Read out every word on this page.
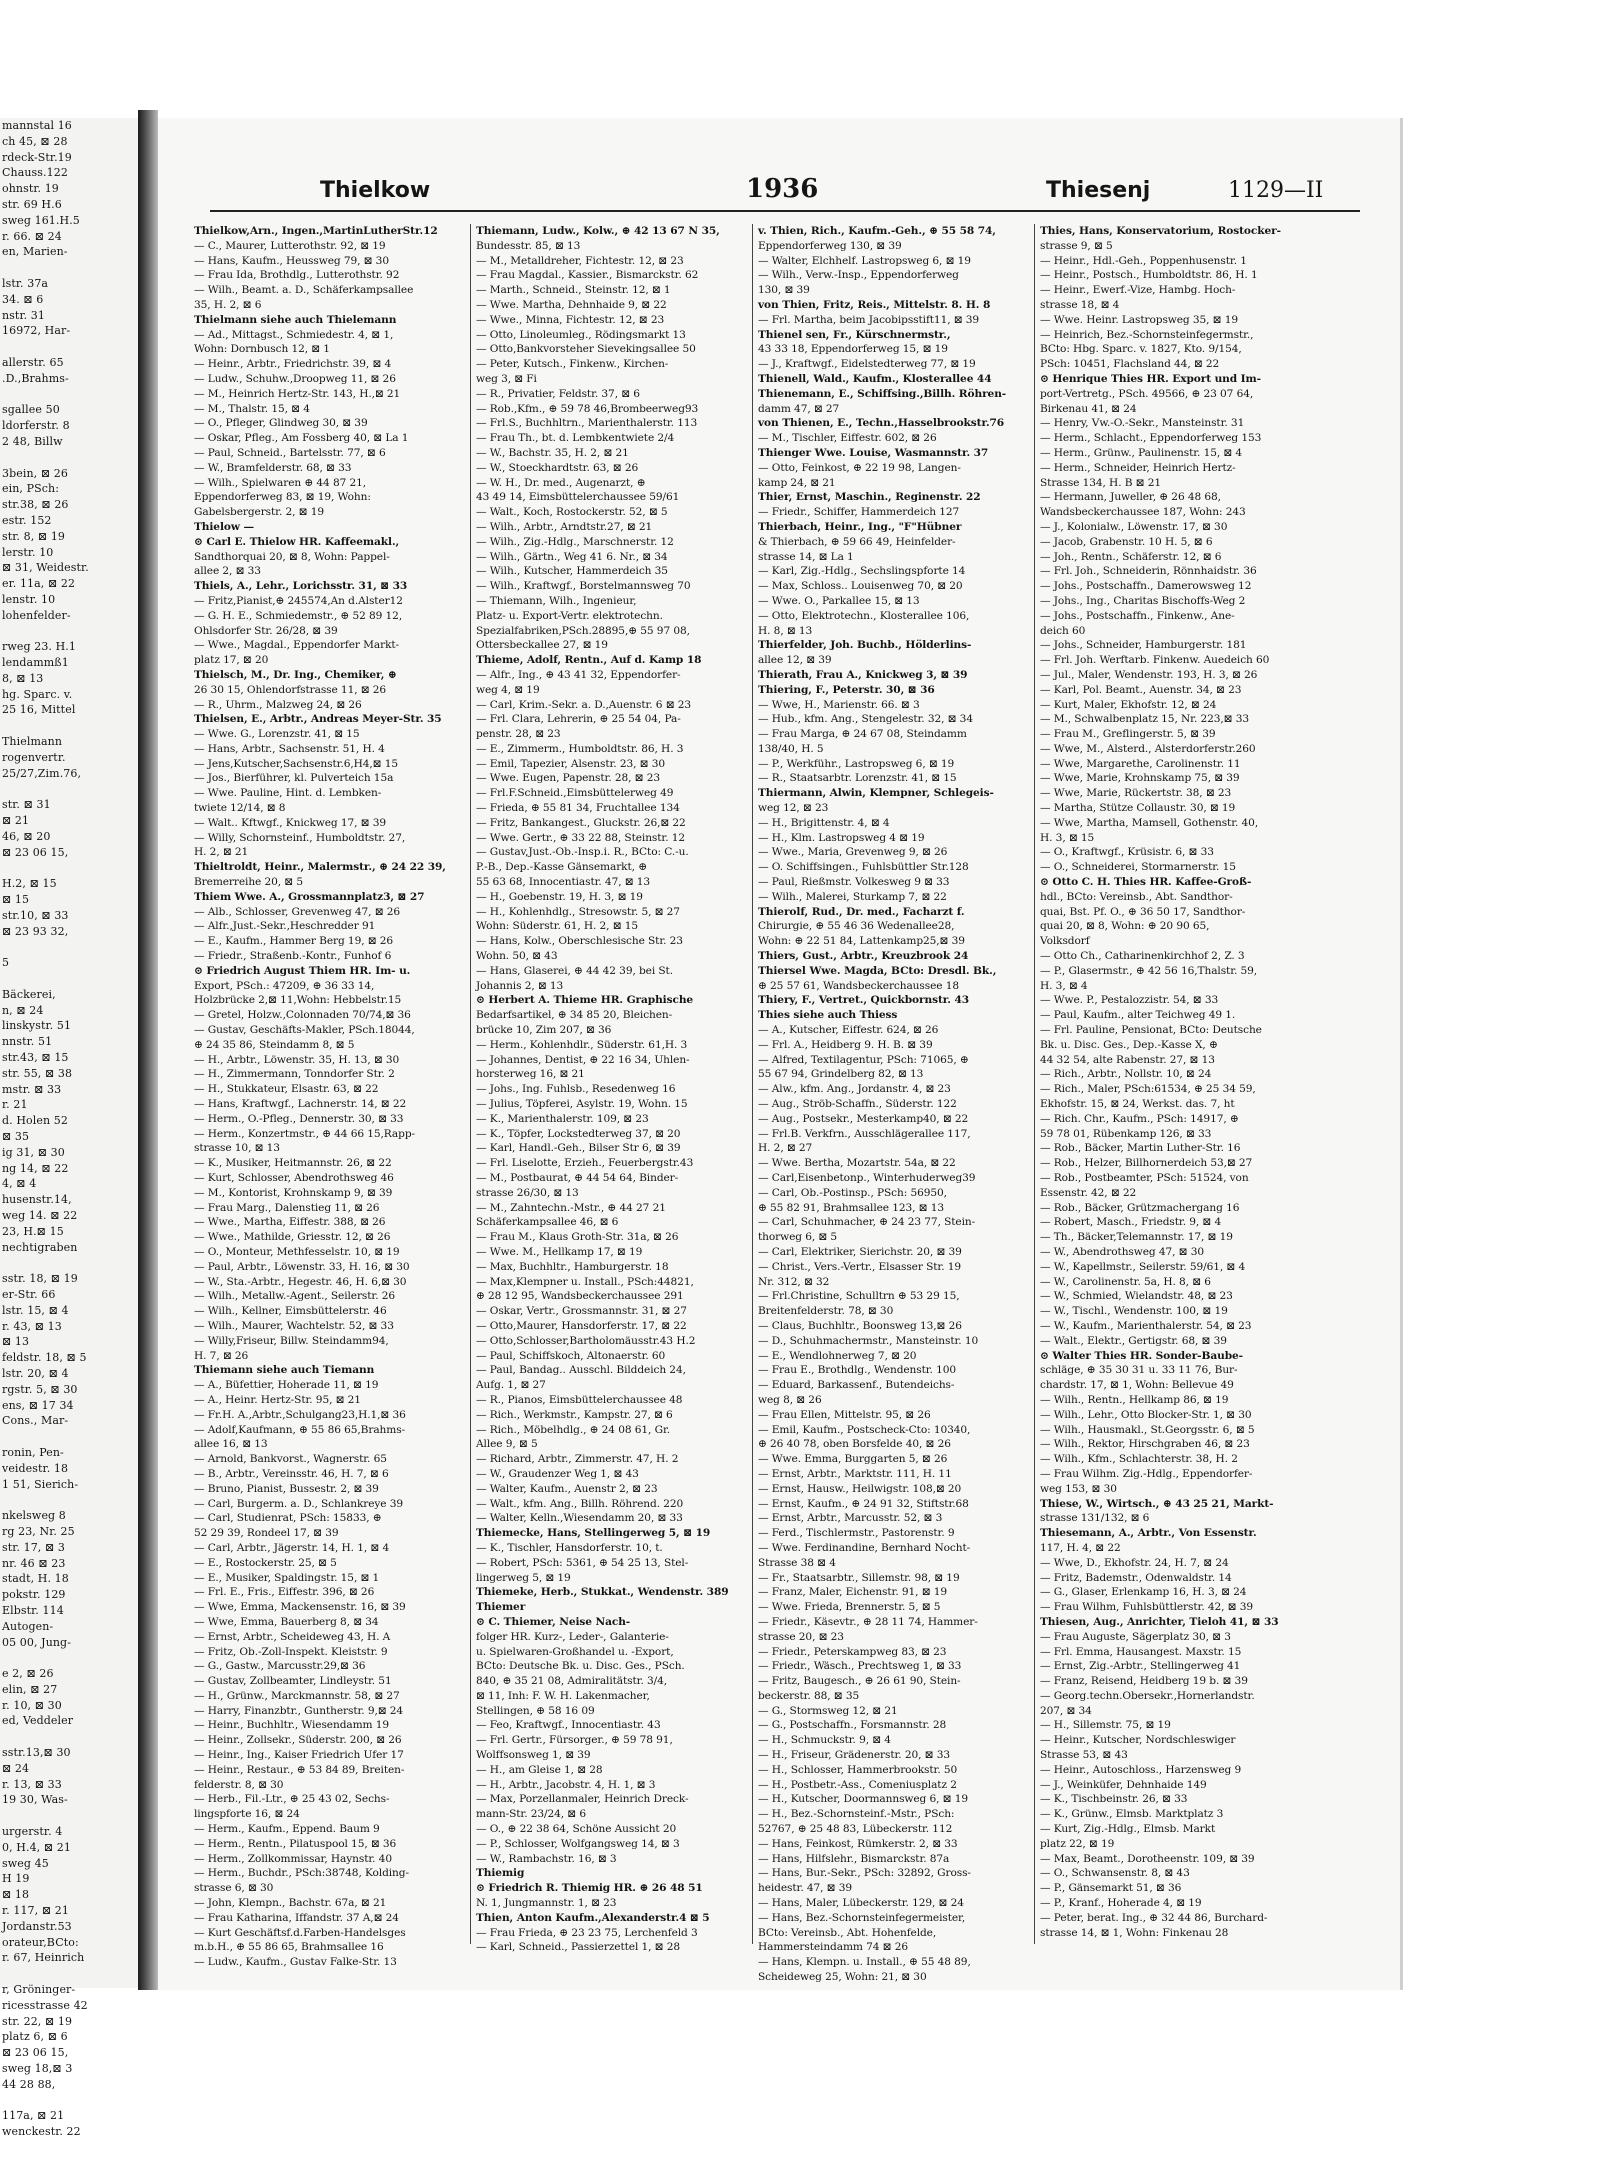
mannstal 16
ch 45, ⊠ 28
rdeck-Str.19
Chauss.122
ohnstr. 19
str. 69 H.6
sweg 161.H.5
r. 66. ⊠ 24
en, Marien-

lstr. 37a
34. ⊠ 6
nstr. 31
16972, Har-

allerstr. 65
.D.,Brahms-

sgallee 50
ldorferstr. 8
2 48, Billw

3bein, ⊠ 26
ein, PSch:
str.38, ⊠ 26
estr. 152
str. 8, ⊠ 19
lerstr. 10
⊠ 31, Weidestr.
er. 11a, ⊠ 22
lenstr. 10
lohenfelder-

rweg 23. H.1
lendammß1
8, ⊠ 13
hg. Sparc. v.
25 16, Mittel

Thielmann
rogenvertr.
25/27,Zim.76,

str. ⊠ 31
⊠ 21
46, ⊠ 20
⊠ 23 06 15,

H.2, ⊠ 15
⊠ 15
str.10, ⊠ 33
⊠ 23 93 32,

5

Bäckerei,
n, ⊠ 24
linskystr. 51
nnstr. 51
str.43, ⊠ 15
str. 55, ⊠ 38
mstr. ⊠ 33
r. 21
d. Holen 52
⊠ 35
ig 31, ⊠ 30
ng 14, ⊠ 22
4, ⊠ 4
husenstr.14,
weg 14. ⊠ 22
23, H.⊠ 15
nechtigraben

sstr. 18, ⊠ 19
er-Str. 66
lstr. 15, ⊠ 4
r. 43, ⊠ 13
⊠ 13
feldstr. 18, ⊠ 5
lstr. 20, ⊠ 4
rgstr. 5, ⊠ 30
ens, ⊠ 17 34
Cons., Mar-

ronin, Pen-
veidestr. 18
1 51, Sierich-

nkelsweg 8
rg 23, Nr. 25
str. 17, ⊠ 3
nr. 46 ⊠ 23
stadt, H. 18
pokstr. 129
Elbstr. 114
Autogen-
05 00, Jung-

e 2, ⊠ 26
elin, ⊠ 27
r. 10, ⊠ 30
ed, Veddeler

sstr.13,⊠ 30
⊠ 24
r. 13, ⊠ 33
19 30, Was-

urgerstr. 4
0, H.4, ⊠ 21
sweg 45
H 19
⊠ 18
r. 117, ⊠ 21
Jordanstr.53
orateur,BCto:
r. 67, Heinrich

r, Gröninger-
ricesstrasse 42
str. 22, ⊠ 19
platz 6, ⊠ 6
⊠ 23 06 15,
sweg 18,⊠ 3
44 28 88,

117a, ⊠ 21
wenckestr. 22
Thielkow	1936	Thiesenj	1129—II
Thielkow,Arn., Ingen.,MartinLutherStr.12
— C., Maurer, Lutterothstr. 92, ⊠ 19
— Hans, Kaufm., Heussweg 79, ⊠ 30
— Frau Ida, Brothdlg., Lutterothstr. 92
— Wilh., Beamt. a. D., Schäferkampsallee
35, H. 2, ⊠ 6
Thielmann siehe auch Thielemann
— Ad., Mittagst., Schmiedestr. 4, ⊠ 1,
Wohn: Dornbusch 12, ⊠ 1
— Heinr., Arbtr., Friedrichstr. 39, ⊠ 4
— Ludw., Schuhw.,Droopweg 11, ⊠ 26
— M., Heinrich Hertz-Str. 143, H.,⊠ 21
— M., Thalstr. 15, ⊠ 4
— O., Pfleger, Glindweg 30, ⊠ 39
— Oskar, Pfleg., Am Fossberg 40, ⊠ La 1
— Paul, Schneid., Bartelsstr. 77, ⊠ 6
— W., Bramfelderstr. 68, ⊠ 33
— Wilh., Spielwaren ⊕ 44 87 21,
Eppendorferweg 83, ⊠ 19, Wohn:
Gabelsbergerstr. 2, ⊠ 19
Thielow —
⊙ Carl E. Thielow HR. Kaffeemakl.,
Sandthorquai 20, ⊠ 8, Wohn: Pappel-
allee 2, ⊠ 33
Thiels, A., Lehr., Lorichsstr. 31, ⊠ 33
— Fritz,Pianist,⊕ 245574,An d.Alster12
— G. H. E., Schmiedemstr., ⊕ 52 89 12,
Ohlsdorfer Str. 26/28, ⊠ 39
— Wwe., Magdal., Eppendorfer Markt-
platz 17, ⊠ 20
Thielsch, M., Dr. Ing., Chemiker, ⊕
26 30 15, Ohlendorfstrasse 11, ⊠ 26
— R., Uhrm., Malzweg 24, ⊠ 26
Thielsen, E., Arbtr., Andreas Meyer-Str. 35
— Wwe. G., Lorenzstr. 41, ⊠ 15
— Hans, Arbtr., Sachsenstr. 51, H. 4
— Jens,Kutscher,Sachsenstr.6,H4,⊠ 15
— Jos., Bierführer, kl. Pulverteich 15a
— Wwe. Pauline, Hint. d. Lembken-
twiete 12/14, ⊠ 8
— Walt.. Kftwgf., Knickweg 17, ⊠ 39
— Willy, Schornsteinf., Humboldtstr. 27,
H. 2, ⊠ 21
Thieltroldt, Heinr., Malermstr., ⊕ 24 22 39,
Bremerreihe 20, ⊠ 5
Thiem Wwe. A., Grossmannplatz3, ⊠ 27
— Alb., Schlosser, Grevenweg 47, ⊠ 26
— Alfr.,Just.-Sekr.,Heschredder 91
— E., Kaufm., Hammer Berg 19, ⊠ 26
— Friedr., Straßenb.-Kontr., Funhof 6
⊙ Friedrich August Thiem HR. Im- u.
Export, PSch.: 47209, ⊕ 36 33 14,
Holzbrücke 2,⊠ 11,Wohn: Hebbelstr.15
— Gretel, Holzw.,Colonnaden 70/74,⊠ 36
— Gustav, Geschäfts-Makler, PSch.18044,
⊕ 24 35 86, Steindamm 8, ⊠ 5
— H., Arbtr., Löwenstr. 35, H. 13, ⊠ 30
— H., Zimmermann, Tonndorfer Str. 2
— H., Stukkateur, Elsastr. 63, ⊠ 22
— Hans, Kraftwgf., Lachnerstr. 14, ⊠ 22
— Herm., O.-Pfleg., Dennerstr. 30, ⊠ 33
— Herm., Konzertmstr., ⊕ 44 66 15,Rapp-
strasse 10, ⊠ 13
— K., Musiker, Heitmannstr. 26, ⊠ 22
— Kurt, Schlosser, Abendrothsweg 46
— M., Kontorist, Krohnskamp 9, ⊠ 39
— Frau Marg., Dalenstieg 11, ⊠ 26
— Wwe., Martha, Eiffestr. 388, ⊠ 26
— Wwe., Mathilde, Griesstr. 12, ⊠ 26
— O., Monteur, Methfesselstr. 10, ⊠ 19
— Paul, Arbtr., Löwenstr. 33, H. 16, ⊠ 30
— W., Sta.-Arbtr., Hegestr. 46, H. 6,⊠ 30
— Wilh., Metallw.-Agent., Seilerstr. 26
— Wilh., Kellner, Eimsbüttelerstr. 46
— Wilh., Maurer, Wachtelstr. 52, ⊠ 33
— Willy,Friseur, Billw. Steindamm94,
H. 7, ⊠ 26
Thiemann siehe auch Tiemann
— A., Büfettier, Hoherade 11, ⊠ 19
— A., Heinr. Hertz-Str. 95, ⊠ 21
— Fr.H. A.,Arbtr.,Schulgang23,H.1,⊠ 36
— Adolf,Kaufmann, ⊕ 55 86 65,Brahms-
allee 16, ⊠ 13
— Arnold, Bankvorst., Wagnerstr. 65
— B., Arbtr., Vereinsstr. 46, H. 7, ⊠ 6
— Bruno, Pianist, Bussestr. 2, ⊠ 39
— Carl, Burgerm. a. D., Schlankreye 39
— Carl, Studienrat, PSch: 15833, ⊕
52 29 39, Rondeel 17, ⊠ 39
— Carl, Arbtr., Jägerstr. 14, H. 1, ⊠ 4
— E., Rostockerstr. 25, ⊠ 5
— E., Musiker, Spaldingstr. 15, ⊠ 1
— Frl. E., Fris., Eiffestr. 396, ⊠ 26
— Wwe, Emma, Mackensenstr. 16, ⊠ 39
— Wwe, Emma, Bauerberg 8, ⊠ 34
— Ernst, Arbtr., Scheideweg 43, H. A
— Fritz, Ob.-Zoll-Inspekt. Kleiststr. 9
— G., Gastw., Marcusstr.29,⊠ 36
— Gustav, Zollbeamter, Lindleystr. 51
— H., Grünw., Marckmannstr. 58, ⊠ 27
— Harry, Finanzbtr., Guntherstr. 9,⊠ 24
— Heinr., Buchhltr., Wiesendamm 19
— Heinr., Zollsekr., Süderstr. 200, ⊠ 26
— Heinr., Ing., Kaiser Friedrich Ufer 17
— Heinr., Restaur., ⊕ 53 84 89, Breiten-
felderstr. 8, ⊠ 30
— Herb., Fil.-Ltr., ⊕ 25 43 02, Sechs-
lingspforte 16, ⊠ 24
— Herm., Kaufm., Eppend. Baum 9
— Herm., Rentn., Pilatuspool 15, ⊠ 36
— Herm., Zollkommissar, Haynstr. 40
— Herm., Buchdr., PSch:38748, Kolding-
strasse 6, ⊠ 30
— John, Klempn., Bachstr. 67a, ⊠ 21
— Frau Katharina, Iffandstr. 37 A,⊠ 24
— Kurt Geschäftsf.d.Farben-Handelsges
m.b.H., ⊕ 55 86 65, Brahmsallee 16
— Ludw., Kaufm., Gustav Falke-Str. 13
Thiemann, Ludw., Kolw., ⊕ 42 13 67 N 35,
Bundesstr. 85, ⊠ 13
— M., Metalldreher, Fichtestr. 12, ⊠ 23
— Frau Magdal., Kassier., Bismarckstr. 62
— Marth., Schneid., Steinstr. 12, ⊠ 1
— Wwe. Martha, Dehnhaide 9, ⊠ 22
— Wwe., Minna, Fichtestr. 12, ⊠ 23
— Otto, Linoleumleg., Rödingsmarkt 13
— Otto,Bankvorsteher Sievekingsallee 50
— Peter, Kutsch., Finkenw., Kirchen-
weg 3, ⊠ Fi
— R., Privatier, Feldstr. 37, ⊠ 6
— Rob.,Kfm., ⊕ 59 78 46,Brombeerweg93
— Frl.S., Buchhltrn., Marienthalerstr. 113
— Frau Th., bt. d. Lembkentwiete 2/4
— W., Bachstr. 35, H. 2, ⊠ 21
— W., Stoeckhardtstr. 63, ⊠ 26
— W. H., Dr. med., Augenarzt, ⊕
43 49 14, Eimsbüttelerchaussee 59/61
— Walt., Koch, Rostockerstr. 52, ⊠ 5
— Wilh., Arbtr., Arndtstr.27, ⊠ 21
— Wilh., Zig.-Hdlg., Marschnerstr. 12
— Wilh., Gärtn., Weg 41 6. Nr., ⊠ 34
— Wilh., Kutscher, Hammerdeich 35
— Wilh., Kraftwgf., Borstelmannsweg 70
— Thiemann, Wilh., Ingenieur,
Platz- u. Export-Vertr. elektrotechn.
Spezialfabriken,PSch.28895,⊕ 55 97 08,
Ottersbeckallee 27, ⊠ 19
Thieme, Adolf, Rentn., Auf d. Kamp 18
— Alfr., Ing., ⊕ 43 41 32, Eppendorfer-
weg 4, ⊠ 19
— Carl, Krim.-Sekr. a. D.,Auenstr. 6 ⊠ 23
— Frl. Clara, Lehrerin, ⊕ 25 54 04, Pa-
penstr. 28, ⊠ 23
— E., Zimmerm., Humboldtstr. 86, H. 3
— Emil, Tapezier, Alsenstr. 23, ⊠ 30
— Wwe. Eugen, Papenstr. 28, ⊠ 23
— Frl.F.Schneid.,Eimsbüttelerweg 49
— Frieda, ⊕ 55 81 34, Fruchtallee 134
— Fritz, Bankangest., Gluckstr. 26,⊠ 22
— Wwe. Gertr., ⊕ 33 22 88, Steinstr. 12
— Gustav,Just.-Ob.-Insp.i. R., BCto: C.-u.
P.-B., Dep.-Kasse Gänsemarkt, ⊕
55 63 68, Innocentiastr. 47, ⊠ 13
— H., Goebenstr. 19, H. 3, ⊠ 19
— H., Kohlenhdlg., Stresowstr. 5, ⊠ 27
Wohn: Süderstr. 61, H. 2, ⊠ 15
— Hans, Kolw., Oberschlesische Str. 23
Wohn. 50, ⊠ 43
— Hans, Glaserei, ⊕ 44 42 39, bei St.
Johannis 2, ⊠ 13
⊙ Herbert A. Thieme HR. Graphische
Bedarfsartikel, ⊕ 34 85 20, Bleichen-
brücke 10, Zim 207, ⊠ 36
— Herm., Kohlenhdlr., Süderstr. 61,H. 3
— Johannes, Dentist, ⊕ 22 16 34, Uhlen-
horsterweg 16, ⊠ 21
— Johs., Ing. Fuhlsb., Resedenweg 16
— Julius, Töpferei, Asylstr. 19, Wohn. 15
— K., Marienthalerstr. 109, ⊠ 23
— K., Töpfer, Lockstedterweg 37, ⊠ 20
— Karl, Handl.-Geh., Bilser Str 6, ⊠ 39
— Frl. Liselotte, Erzieh., Feuerbergstr.43
— M., Postbaurat, ⊕ 44 54 64, Binder-
strasse 26/30, ⊠ 13
— M., Zahntechn.-Mstr., ⊕ 44 27 21
Schäferkampsallee 46, ⊠ 6
— Frau M., Klaus Groth-Str. 31a, ⊠ 26
— Wwe. M., Hellkamp 17, ⊠ 19
— Max, Buchhltr., Hamburgerstr. 18
— Max,Klempner u. Install., PSch:44821,
⊕ 28 12 95, Wandsbeckerchaussee 291
— Oskar, Vertr., Grossmannstr. 31, ⊠ 27
— Otto,Maurer, Hansdorferstr. 17, ⊠ 22
— Otto,Schlosser,Bartholomäusstr.43 H.2
— Paul, Schiffskoch, Altonaerstr. 60
— Paul, Bandag.. Ausschl. Bilddeich 24,
Aufg. 1, ⊠ 27
— R., Pianos, Eimsbüttelerchaussee 48
— Rich., Werkmstr., Kampstr. 27, ⊠ 6
— Rich., Möbelhdlg., ⊕ 24 08 61, Gr.
Allee 9, ⊠ 5
— Richard, Arbtr., Zimmerstr. 47, H. 2
— W., Graudenzer Weg 1, ⊠ 43
— Walter, Kaufm., Auenstr 2, ⊠ 23
— Walt., kfm. Ang., Billh. Röhrend. 220
— Walter, Kelln.,Wiesendamm 20, ⊠ 33
Thiemecke, Hans, Stellingerweg 5, ⊠ 19
— K., Tischler, Hansdorferstr. 10, t.
— Robert, PSch: 5361, ⊕ 54 25 13, Stel-
lingerweg 5, ⊠ 19
Thiemeke, Herb., Stukkat., Wendenstr. 389
Thiemer
⊙ C. Thiemer, Neise Nach-
folger HR. Kurz-, Leder-, Galanterie-
u. Spielwaren-Großhandel u. -Export,
BCto: Deutsche Bk. u. Disc. Ges., PSch.
840, ⊕ 35 21 08, Admiralitätstr. 3/4,
⊠ 11, Inh: F. W. H. Lakenmacher,
Stellingen, ⊕ 58 16 09
— Feo, Kraftwgf., Innocentiastr. 43
— Frl. Gertr., Fürsorger., ⊕ 59 78 91,
Wolffsonsweg 1, ⊠ 39
— H., am Gleise 1, ⊠ 28
— H., Arbtr., Jacobstr. 4, H. 1, ⊠ 3
— Max, Porzellanmaler, Heinrich Dreck-
mann-Str. 23/24, ⊠ 6
— O., ⊕ 22 38 64, Schöne Aussicht 20
— P., Schlosser, Wolfgangsweg 14, ⊠ 3
— W., Rambachstr. 16, ⊠ 3
Thiemig
⊙ Friedrich R. Thiemig HR. ⊕ 26 48 51
N. 1, Jungmannstr. 1, ⊠ 23
Thien, Anton Kaufm.,Alexanderstr.4 ⊠ 5
— Frau Frieda, ⊕ 23 23 75, Lerchenfeld 3
— Karl, Schneid., Passierzettel 1, ⊠ 28
v. Thien, Rich., Kaufm.-Geh., ⊕ 55 58 74,
Eppendorferweg 130, ⊠ 39
— Walter, Elchhelf. Lastropsweg 6, ⊠ 19
— Wilh., Verw.-Insp., Eppendorferweg
130, ⊠ 39
von Thien, Fritz, Reis., Mittelstr. 8. H. 8
— Frl. Martha, beim Jacobipsstift11, ⊠ 39
Thienel sen, Fr., Kürschnermstr.,
43 33 18, Eppendorferweg 15, ⊠ 19
— J., Kraftwgf., Eidelstedterweg 77, ⊠ 19
Thienell, Wald., Kaufm., Klosterallee 44
Thienemann, E., Schiffsing.,Billh. Röhren-
damm 47, ⊠ 27
von Thienen, E., Techn.,Hasselbrookstr.76
— M., Tischler, Eiffestr. 602, ⊠ 26
Thienger Wwe. Louise, Wasmannstr. 37
— Otto, Feinkost, ⊕ 22 19 98, Langen-
kamp 24, ⊠ 21
Thier, Ernst, Maschin., Reginenstr. 22
— Friedr., Schiffer, Hammerdeich 127
Thierbach, Heinr., Ing., "F"Hübner
& Thierbach, ⊕ 59 66 49, Heinfelder-
strasse 14, ⊠ La 1
— Karl, Zig.-Hdlg., Sechslingspforte 14
— Max, Schloss.. Louisenweg 70, ⊠ 20
— Wwe. O., Parkallee 15, ⊠ 13
— Otto, Elektrotechn., Klosterallee 106,
H. 8, ⊠ 13
Thierfelder, Joh. Buchb., Hölderlins-
allee 12, ⊠ 39
Thierath, Frau A., Knickweg 3, ⊠ 39
Thiering, F., Peterstr. 30, ⊠ 36
— Wwe, H., Marienstr. 66. ⊠ 3
— Hub., kfm. Ang., Stengelestr. 32, ⊠ 34
— Frau Marga, ⊕ 24 67 08, Steindamm
138/40, H. 5
— P., Werkführ., Lastropsweg 6, ⊠ 19
— R., Staatsarbtr. Lorenzstr. 41, ⊠ 15
Thiermann, Alwin, Klempner, Schlegeis-
weg 12, ⊠ 23
— H., Brigittenstr. 4, ⊠ 4
— H., Klm. Lastropsweg 4 ⊠ 19
— Wwe., Maria, Grevenweg 9, ⊠ 26
— O. Schiffsingen., Fuhlsbüttler Str.128
— Paul, Rießmstr. Volkesweg 9 ⊠ 33
— Wilh., Malerei, Sturkamp 7, ⊠ 22
Thierolf, Rud., Dr. med., Facharzt f.
Chirurgie, ⊕ 55 46 36 Wedenallee28,
Wohn: ⊕ 22 51 84, Lattenkamp25,⊠ 39
Thiers, Gust., Arbtr., Kreuzbrook 24
Thiersel Wwe. Magda, BCto: Dresdl. Bk.,
⊕ 25 57 61, Wandsbeckerchaussee 18
Thiery, F., Vertret., Quickbornstr. 43
Thies siehe auch Thiess
— A., Kutscher, Eiffestr. 624, ⊠ 26
— Frl. A., Heidberg 9. H. B. ⊠ 39
— Alfred, Textilagentur, PSch: 71065, ⊕
55 67 94, Grindelberg 82, ⊠ 13
— Alw., kfm. Ang., Jordanstr. 4, ⊠ 23
— Aug., Ströb-Schaffn., Süderstr. 122
— Aug., Postsekr., Mesterkamp40, ⊠ 22
— Frl.B. Verkfrn., Ausschlägerallee 117,
H. 2, ⊠ 27
— Wwe. Bertha, Mozartstr. 54a, ⊠ 22
— Carl,Eisenbetonp., Winterhuderweg39
— Carl, Ob.-Postinsp., PSch: 56950,
⊕ 55 82 91, Brahmsallee 123, ⊠ 13
— Carl, Schuhmacher, ⊕ 24 23 77, Stein-
thorweg 6, ⊠ 5
— Carl, Elektriker, Sierichstr. 20, ⊠ 39
— Christ., Vers.-Vertr., Elsasser Str. 19
Nr. 312, ⊠ 32
— Frl.Christine, Schulltrn ⊕ 53 29 15,
Breitenfelderstr. 78, ⊠ 30
— Claus, Buchhltr., Boonsweg 13,⊠ 26
— D., Schuhmachermstr., Mansteinstr. 10
— E., Wendlohnerweg 7, ⊠ 20
— Frau E., Brothdlg., Wendenstr. 100
— Eduard, Barkassenf., Butendeichs-
weg 8, ⊠ 26
— Frau Ellen, Mittelstr. 95, ⊠ 26
— Emil, Kaufm., Postscheck-Cto: 10340,
⊕ 26 40 78, oben Borsfelde 40, ⊠ 26
— Wwe. Emma, Burggarten 5, ⊠ 26
— Ernst, Arbtr., Marktstr. 111, H. 11
— Ernst, Hausw., Heilwigstr. 108,⊠ 20
— Ernst, Kaufm., ⊕ 24 91 32, Stiftstr.68
— Ernst, Arbtr., Marcusstr. 52, ⊠ 3
— Ferd., Tischlermstr., Pastorenstr. 9
— Wwe. Ferdinandine, Bernhard Nocht-
Strasse 38 ⊠ 4
— Fr., Staatsarbtr., Sillemstr. 98, ⊠ 19
— Franz, Maler, Eichenstr. 91, ⊠ 19
— Wwe. Frieda, Brennerstr. 5, ⊠ 5
— Friedr., Käsevtr., ⊕ 28 11 74, Hammer-
strasse 20, ⊠ 23
— Friedr., Peterskampweg 83, ⊠ 23
— Friedr., Wäsch., Prechtsweg 1, ⊠ 33
— Fritz, Baugesch., ⊕ 26 61 90, Stein-
beckerstr. 88, ⊠ 35
— G., Stormsweg 12, ⊠ 21
— G., Postschaffn., Forsmannstr. 28
— H., Schmuckstr. 9, ⊠ 4
— H., Friseur, Grädenerstr. 20, ⊠ 33
— H., Schlosser, Hammerbrookstr. 50
— H., Postbetr.-Ass., Comeniusplatz 2
— H., Kutscher, Doormannsweg 6, ⊠ 19
— H., Bez.-Schornsteinf.-Mstr., PSch:
52767, ⊕ 25 48 83, Lübeckerstr. 112
— Hans, Feinkost, Rümkerstr. 2, ⊠ 33
— Hans, Hilfslehr., Bismarckstr. 87a
— Hans, Bur.-Sekr., PSch: 32892, Gross-
heidestr. 47, ⊠ 39
— Hans, Maler, Lübeckerstr. 129, ⊠ 24
— Hans, Bez.-Schornsteinfegermeister,
BCto: Vereinsb., Abt. Hohenfelde,
Hammersteindamm 74 ⊠ 26
— Hans, Klempn. u. Install., ⊕ 55 48 89,
Scheideweg 25, Wohn: 21, ⊠ 30
Thies, Hans, Konservatorium, Rostocker-
strasse 9, ⊠ 5
— Heinr., Hdl.-Geh., Poppenhusenstr. 1
— Heinr., Postsch., Humboldtstr. 86, H. 1
— Heinr., Ewerf.-Vize, Hambg. Hoch-
strasse 18, ⊠ 4
— Wwe. Heinr. Lastropsweg 35, ⊠ 19
— Heinrich, Bez.-Schornsteinfegermstr.,
BCto: Hbg. Sparc. v. 1827, Kto. 9/154,
PSch: 10451, Flachsland 44, ⊠ 22
⊙ Henrique Thies HR. Export und Im-
port-Vertretg., PSch. 49566, ⊕ 23 07 64,
Birkenau 41, ⊠ 24
— Henry, Vw.-O.-Sekr., Mansteinstr. 31
— Herm., Schlacht., Eppendorferweg 153
— Herm., Grünw., Paulinenstr. 15, ⊠ 4
— Herm., Schneider, Heinrich Hertz-
Strasse 134, H. B ⊠ 21
— Hermann, Juweller, ⊕ 26 48 68,
Wandsbeckerchaussee 187, Wohn: 243
— J., Kolonialw., Löwenstr. 17, ⊠ 30
— Jacob, Grabenstr. 10 H. 5, ⊠ 6
— Joh., Rentn., Schäferstr. 12, ⊠ 6
— Frl. Joh., Schneiderin, Rönnhaidstr. 36
— Johs., Postschaffn., Damerowsweg 12
— Johs., Ing., Charitas Bischoffs-Weg 2
— Johs., Postschaffn., Finkenw., Ane-
deich 60
— Johs., Schneider, Hamburgerstr. 181
— Frl. Joh. Werftarb. Finkenw. Auedeich 60
— Jul., Maler, Wendenstr. 193, H. 3, ⊠ 26
— Karl, Pol. Beamt., Auenstr. 34, ⊠ 23
— Kurt, Maler, Ekhofstr. 12, ⊠ 24
— M., Schwalbenplatz 15, Nr. 223,⊠ 33
— Frau M., Greflingerstr. 5, ⊠ 39
— Wwe, M., Alsterd., Alsterdorferstr.260
— Wwe, Margarethe, Carolinenstr. 11
— Wwe, Marie, Krohnskamp 75, ⊠ 39
— Wwe, Marie, Rückertstr. 38, ⊠ 23
— Martha, Stütze Collaustr. 30, ⊠ 19
— Wwe, Martha, Mamsell, Gothenstr. 40,
H. 3, ⊠ 15
— O., Kraftwgf., Krüsistr. 6, ⊠ 33
— O., Schneiderei, Stormarnerstr. 15
⊙ Otto C. H. Thies HR. Kaffee-Groß-
hdl., BCto: Vereinsb., Abt. Sandthor-
quai, Bst. Pf. O., ⊕ 36 50 17, Sandthor-
quai 20, ⊠ 8, Wohn: ⊕ 20 90 65,
Volksdorf
— Otto Ch., Catharinenkirchhof 2, Z. 3
— P., Glasermstr., ⊕ 42 56 16,Thalstr. 59,
H. 3, ⊠ 4
— Wwe. P., Pestalozzistr. 54, ⊠ 33
— Paul, Kaufm., alter Teichweg 49 1.
— Frl. Pauline, Pensionat, BCto: Deutsche
Bk. u. Disc. Ges., Dep.-Kasse X, ⊕
44 32 54, alte Rabenstr. 27, ⊠ 13
— Rich., Arbtr., Nollstr. 10, ⊠ 24
— Rich., Maler, PSch:61534, ⊕ 25 34 59,
Ekhofstr. 15, ⊠ 24, Werkst. das. 7, ht
— Rich. Chr., Kaufm., PSch: 14917, ⊕
59 78 01, Rübenkamp 126, ⊠ 33
— Rob., Bäcker, Martin Luther-Str. 16
— Rob., Helzer, Billhornerdeich 53,⊠ 27
— Rob., Postbeamter, PSch: 51524, von
Essenstr. 42, ⊠ 22
— Rob., Bäcker, Grützmachergang 16
— Robert, Masch., Friedstr. 9, ⊠ 4
— Th., Bäcker,Telemannstr. 17, ⊠ 19
— W., Abendrothsweg 47, ⊠ 30
— W., Kapellmstr., Seilerstr. 59/61, ⊠ 4
— W., Carolinenstr. 5a, H. 8, ⊠ 6
— W., Schmied, Wielandstr. 48, ⊠ 23
— W., Tischl., Wendenstr. 100, ⊠ 19
— W., Kaufm., Marienthalerstr. 54, ⊠ 23
— Walt., Elektr., Gertigstr. 68, ⊠ 39
⊙ Walter Thies HR. Sonder-Baube-
schläge, ⊕ 35 30 31 u. 33 11 76, Bur-
chardstr. 17, ⊠ 1, Wohn: Bellevue 49
— Wilh., Rentn., Hellkamp 86, ⊠ 19
— Wilh., Lehr., Otto Blocker-Str. 1, ⊠ 30
— Wilh., Hausmakl., St.Georgsstr. 6, ⊠ 5
— Wilh., Rektor, Hirschgraben 46, ⊠ 23
— Wilh., Kfm., Schlachterstr. 38, H. 2
— Frau Wilhm. Zig.-Hdlg., Eppendorfer-
weg 153, ⊠ 30
Thiese, W., Wirtsch., ⊕ 43 25 21, Markt-
strasse 131/132, ⊠ 6
Thiesemann, A., Arbtr., Von Essenstr.
117, H. 4, ⊠ 22
— Wwe, D., Ekhofstr. 24, H. 7, ⊠ 24
— Fritz, Bademstr., Odenwaldstr. 14
— G., Glaser, Erlenkamp 16, H. 3, ⊠ 24
— Frau Wilhm, Fuhlsbüttlerstr. 42, ⊠ 39
Thiesen, Aug., Anrichter, Tieloh 41, ⊠ 33
— Frau Auguste, Sägerplatz 30, ⊠ 3
— Frl. Emma, Hausangest. Maxstr. 15
— Ernst, Zig.-Arbtr., Stellingerweg 41
— Franz, Reisend, Heidberg 19 b. ⊠ 39
— Georg.techn.Obersekr.,Hornerlandstr.
207, ⊠ 34
— H., Sillemstr. 75, ⊠ 19
— Heinr., Kutscher, Nordschleswiger
Strasse 53, ⊠ 43
— Heinr., Autoschloss., Harzensweg 9
— J., Weinküfer, Dehnhaide 149
— K., Tischbeinstr. 26, ⊠ 33
— K., Grünw., Elmsb. Marktplatz 3
— Kurt, Zig.-Hdlg., Elmsb. Markt
platz 22, ⊠ 19
— Max, Beamt., Dorotheenstr. 109, ⊠ 39
— O., Schwansenstr. 8, ⊠ 43
— P., Gänsemarkt 51, ⊠ 36
— P., Kranf., Hoherade 4, ⊠ 19
— Peter, berat. Ing., ⊕ 32 44 86, Burchard-
strasse 14, ⊠ 1, Wohn: Finkenau 28
